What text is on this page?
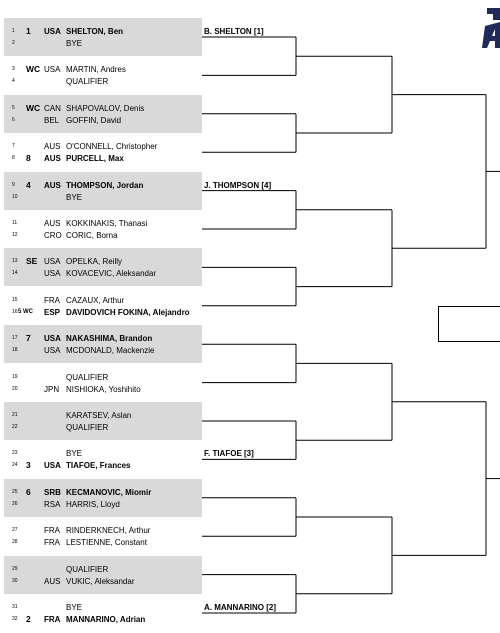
1 1	USA SHELTON, Ben
2	BYE
3 WC USA MARTIN, Andres
4	QUALIFIER
5 WC CAN SHAPOVALOV, Denis
6	BEL GOFFIN, David
7	AUS O'CONNELL, Christopher
8 8	AUS PURCELL, Max
9 4	AUS THOMPSON, Jordan
10	BYE
11	AUS KOKKINAKIS, Thanasi
12	CRO CORIC, Borna
13 SE USA OPELKA, Reilly
14	USA KOVACEVIC, Aleksandar
15	FRA CAZAUX, Arthur
16 5 WC ESP DAVIDOVICH FOKINA, Alejandro
17 7	USA NAKASHIMA, Brandon
18	USA MCDONALD, Mackenzie
19	QUALIFIER
20	JPN NISHIOKA, Yoshihito
21	KARATSEV, Aslan
22	QUALIFIER
23	BYE
24 3	USA TIAFOE, Frances
25 6	SRB KECMANOVIC, Miomir
26	RSA HARRIS, Lloyd
27	FRA RINDERKNECH, Arthur
28	FRA LESTIENNE, Constant
29	QUALIFIER
30	AUS VUKIC, Aleksandar
31	BYE
32 2	FRA MANNARINO, Adrian
B. SHELTON [1]
J. THOMPSON [4]
F. TIAFOE [3]
A. MANNARINO [2]
